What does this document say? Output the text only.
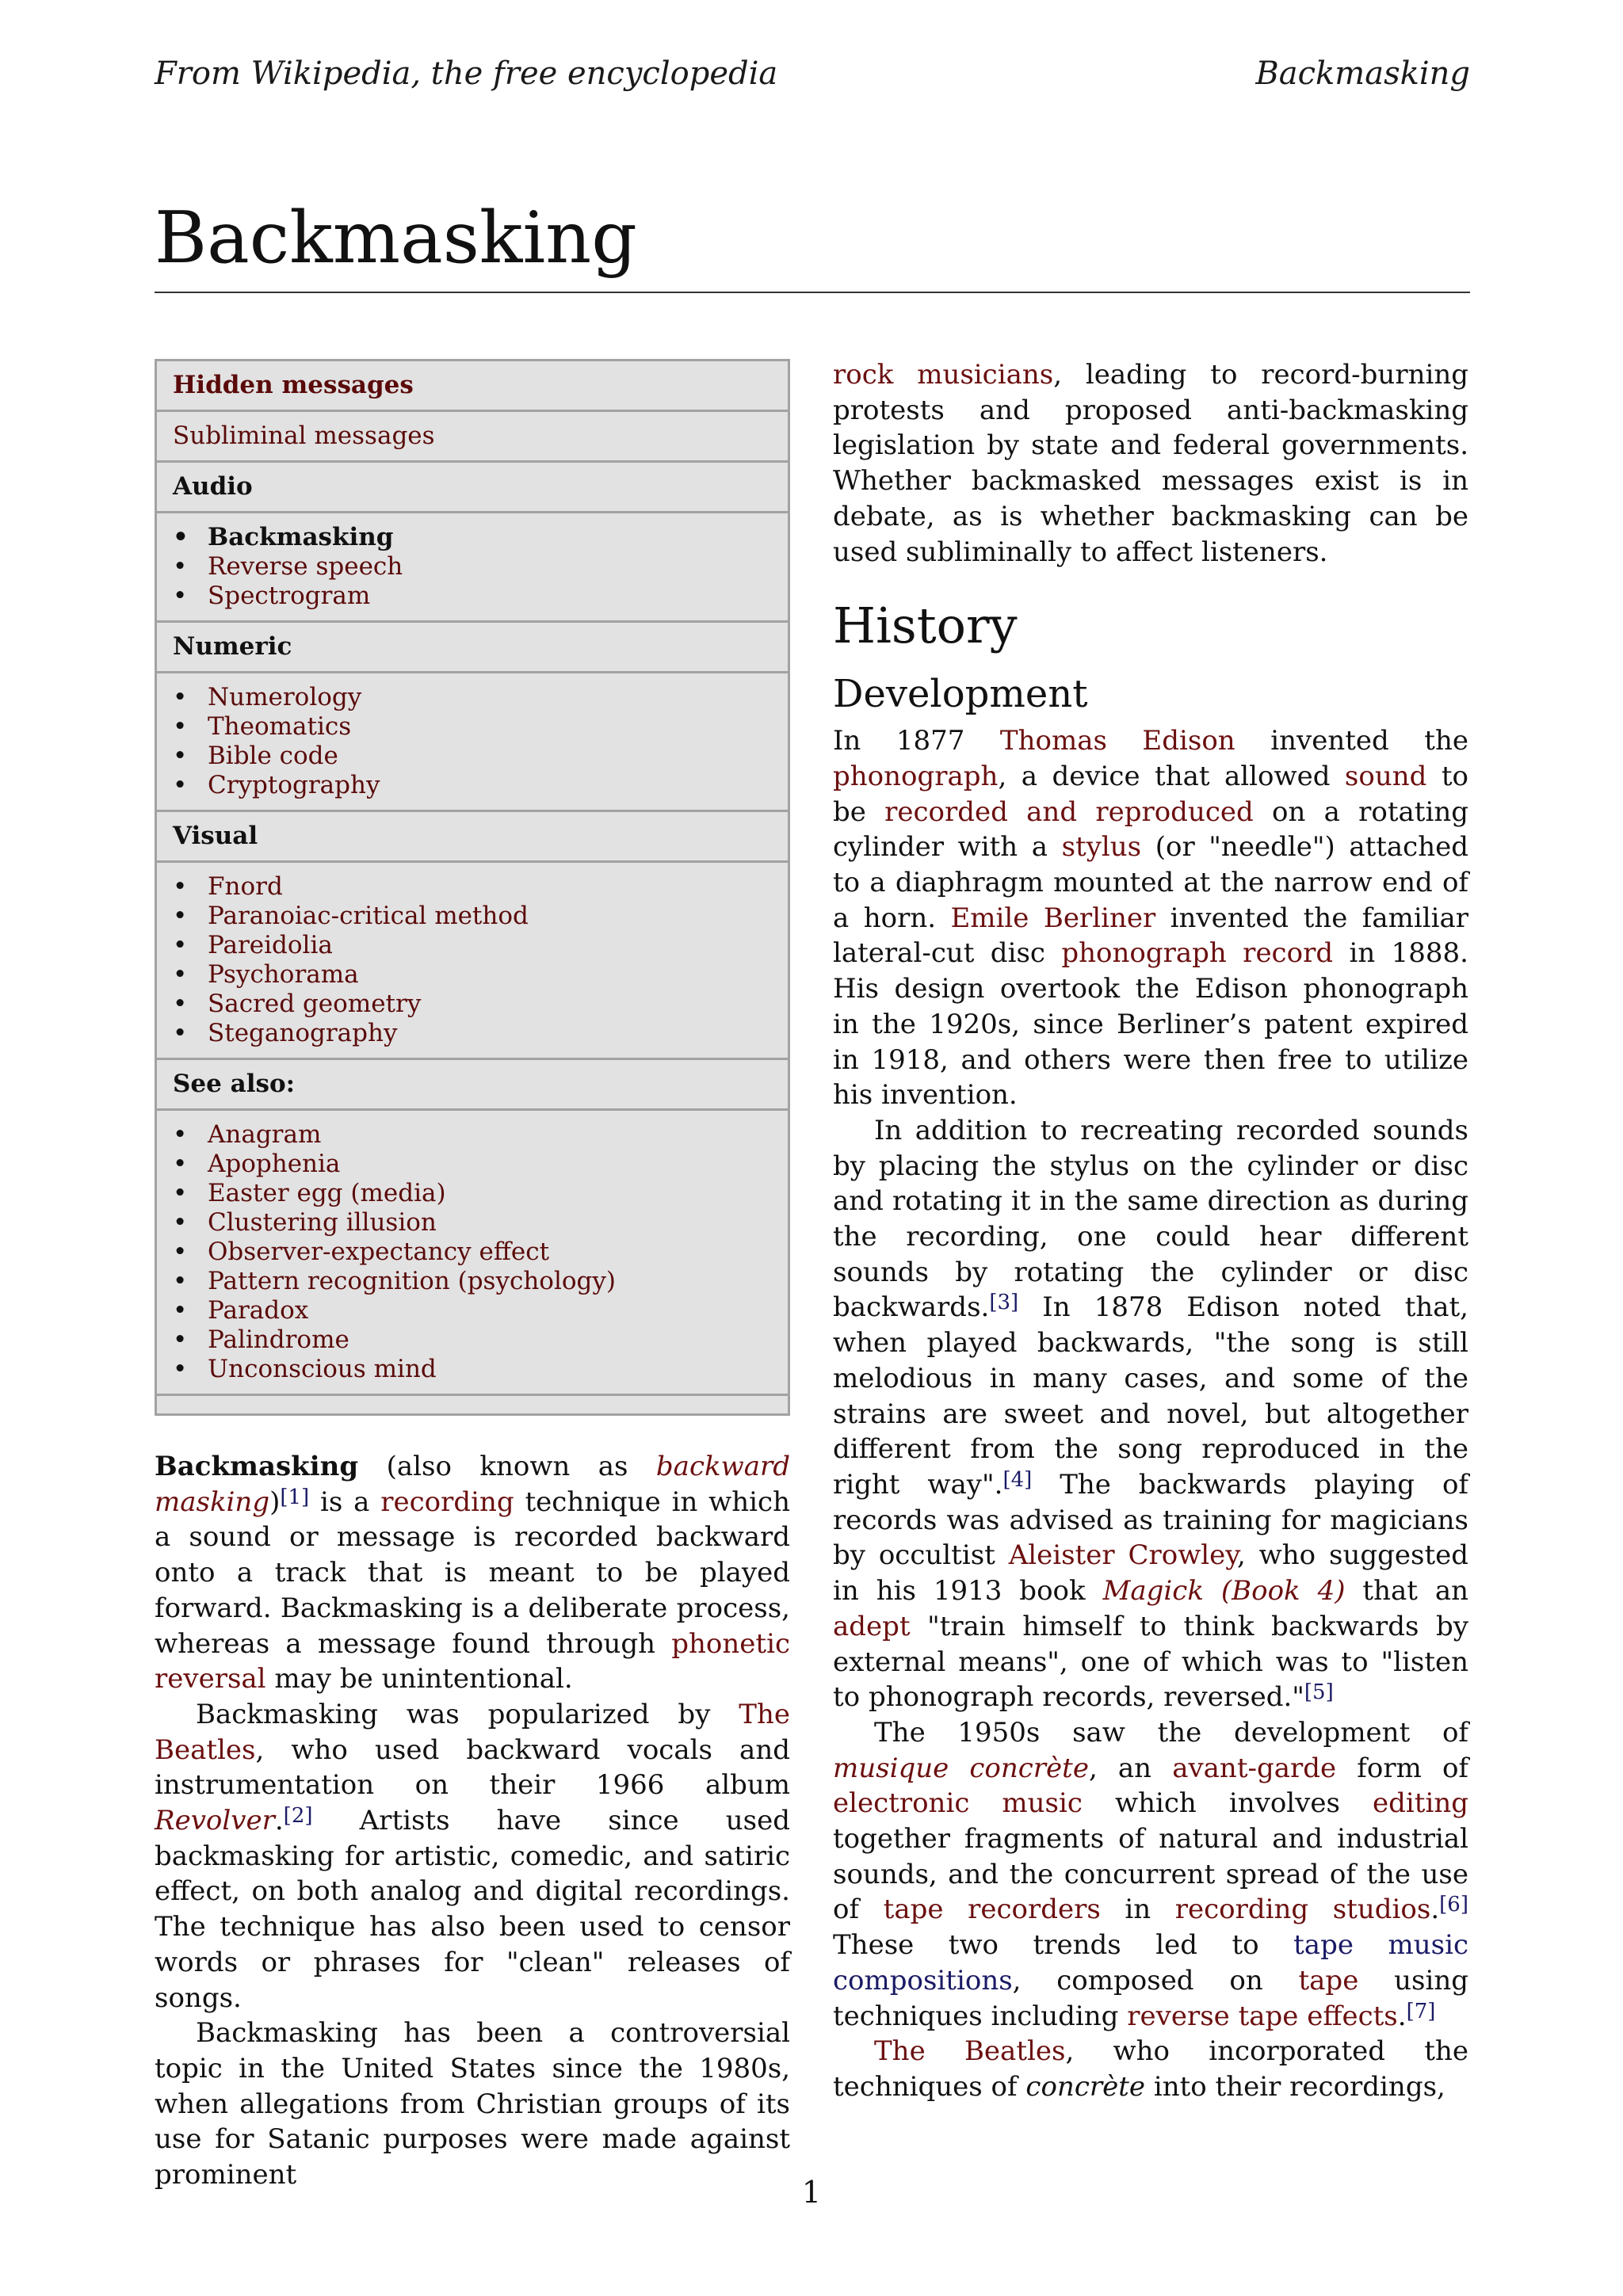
From Wikipedia, the free encyclopedia	Backmasking
Backmasking
Hidden messages
Subliminal messages
Audio
• Backmasking
• Reverse speech
• Spectrogram
Numeric
• Numerology
• Theomatics
• Bible code
• Cryptography
Visual
• Fnord
• Paranoiac-critical method
• Pareidolia
• Psychorama
• Sacred geometry
• Steganography
See also:
• Anagram
• Apophenia
• Easter egg (media)
• Clustering illusion
• Observer-expectancy effect
• Pattern recognition (psychology)
• Paradox
• Palindrome
• Unconscious mind

Backmasking (also known as backward masking)[1] is a recording technique in which a sound or message is recorded backward onto a track that is meant to be played forward. Backmasking is a deliberate process, whereas a message found through phonetic reversal may be unintentional.

Backmasking was popularized by The Beatles, who used backward vocals and instrumentation on their 1966 album Revolver.[2] Artists have since used backmasking for artistic, comedic, and satiric effect, on both analog and digital recordings. The technique has also been used to censor words or phrases for "clean" releases of songs.

Backmasking has been a controversial topic in the United States since the 1980s, when allegations from Christian groups of its use for Satanic purposes were made against prominent

rock musicians, leading to record-burning protests and proposed anti-backmasking legislation by state and federal governments. Whether backmasked messages exist is in debate, as is whether backmasking can be used subliminally to affect listeners.

History
Development

In 1877 Thomas Edison invented the phonograph, a device that allowed sound to be recorded and reproduced on a rotating cylinder with a stylus (or "needle") attached to a diaphragm mounted at the narrow end of a horn. Emile Berliner invented the familiar lateral-cut disc phonograph record in 1888. His design overtook the Edison phonograph in the 1920s, since Berliner’s patent expired in 1918, and others were then free to utilize his invention.

In addition to recreating recorded sounds by placing the stylus on the cylinder or disc and rotating it in the same direction as during the recording, one could hear different sounds by rotating the cylinder or disc backwards.[3] In 1878 Edison noted that, when played backwards, "the song is still melodious in many cases, and some of the strains are sweet and novel, but altogether different from the song reproduced in the right way".[4] The backwards playing of records was advised as training for magicians by occultist Aleister Crowley, who suggested in his 1913 book Magick (Book 4) that an adept "train himself to think backwards by external means", one of which was to "listen to phonograph records, reversed."[5]

The 1950s saw the development of musique concrète, an avant-garde form of electronic music which involves editing together fragments of natural and industrial sounds, and the concurrent spread of the use of tape recorders in recording studios.[6] These two trends led to tape music compositions, composed on tape using techniques including reverse tape effects.[7]

The Beatles, who incorporated the techniques of concrète into their recordings,

1
